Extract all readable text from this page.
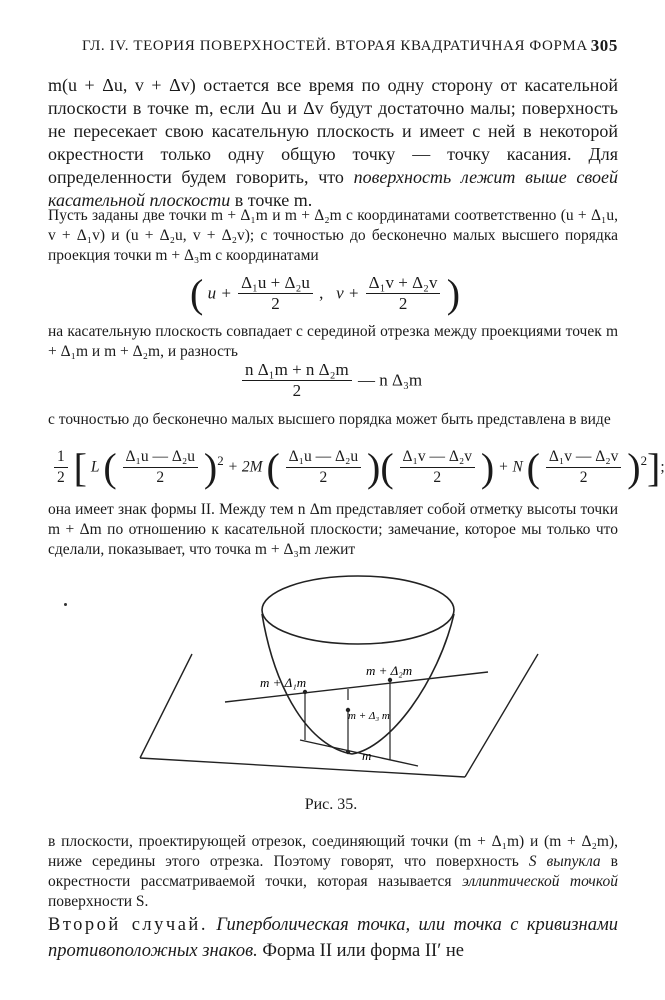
ГЛ. IV. ТЕОРИЯ ПОВЕРХНОСТЕЙ. ВТОРАЯ КВАДРАТИЧНАЯ ФОРМА 305
m(u + Δu, v + Δv) остается все время по одну сторону от касательной плоскости в точке m, если Δu и Δv будут достаточно малы; поверхность не пересекает свою касательную плоскость и имеет с ней в некоторой окрестности только одну общую точку — точку касания. Для определенности будем говорить, что поверхность лежит выше своей касательной плоскости в точке m.
Пусть заданы две точки m + Δ₁m и m + Δ₂m с координатами соответственно (u + Δ₁u, v + Δ₁v) и (u + Δ₂u, v + Δ₂v); с точностью до бесконечно малых высшего порядка проекция точки m + Δ₃m с координатами
( $u + \frac{\text{Δ₁u + Δ₂u}}{2}$ ,   $v + \frac{\text{Δ₁v + Δ₂v}}{2}$ )
на касательную плоскость совпадает с серединой отрезка между проекциями точек m + Δ₁m и m + Δ₂m, и разность
$\frac{\text{n Δ₁m + n Δ₂m}}{2}$ — n Δ₃m
с точностью до бесконечно малых высшего порядка может быть представлена в виде
$\frac{1}{2}$ [ L ( $\frac{\text{Δ₁u — Δ₂u}}{2} )^2 + 2M$ ( $\frac{\text{Δ₁u — Δ₂u}}{2}$ )( $\frac{\text{Δ₁v — Δ₂v}}{2}$ ) + N ( $\frac{\text{Δ₁v — Δ₂v}}{2} )^2$];
она имеет знак формы II. Между тем n Δm представляет собой отметку высоты точки m + Δm по отношению к касательной плоскости; замечание, которое мы только что сделали, показывает, что точка m + Δ₃m лежит
m + Δ₁m
m + Δ₂m
m + Δ₃ m
m
Рис. 35.
в плоскости, проектирующей отрезок, соединяющий точки (m + Δ₁m) и (m + Δ₂m), ниже середины этого отрезка. Поэтому говорят, что поверхность S выпукла в окрестности рассматриваемой точки, которая называется эллиптической точкой поверхности S.
Второй случай. Гиперболическая точка, или точка с кривизнами противоположных знаков. Форма II или форма II′ не
